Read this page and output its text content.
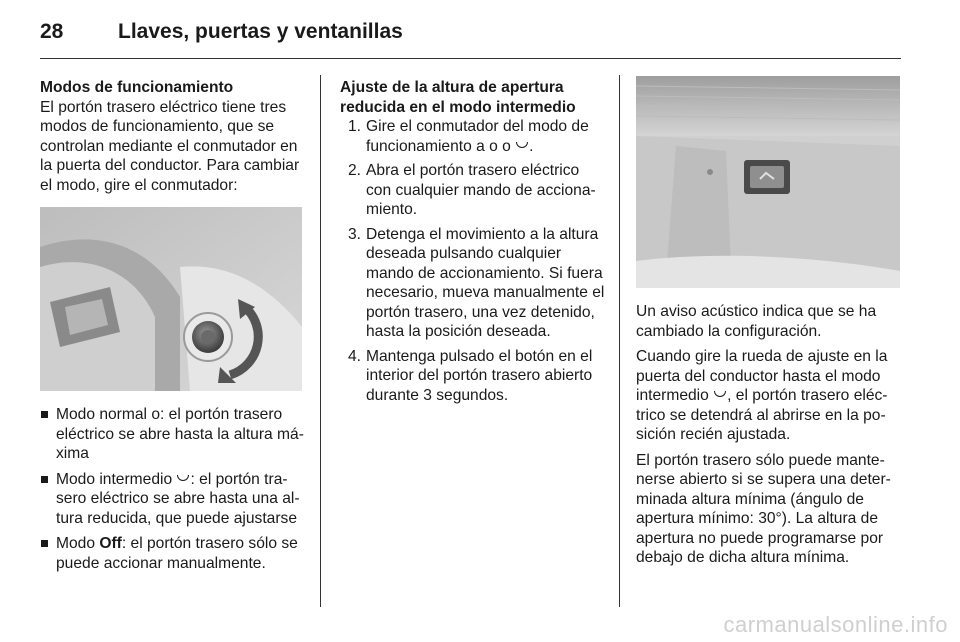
28	Llaves, puertas y ventanillas

Modos de funcionamiento

El portón trasero eléctrico tiene tres modos de funcionamiento, que se controlan mediante el conmutador en la puerta del conductor. Para cambiar el modo, gire el conmutador:

Modo normal o: el portón trasero eléctrico se abre hasta la altura máxima
Modo intermedio : el portón trasero eléctrico se abre hasta una altura reducida, que puede ajustarse
Modo Off: el portón trasero sólo se puede accionar manualmente.

Ajuste de la altura de apertura reducida en el modo intermedio

1. Gire el conmutador del modo de funcionamiento a o o .
2. Abra el portón trasero eléctrico con cualquier mando de accionamiento.
3. Detenga el movimiento a la altura deseada pulsando cualquier mando de accionamiento. Si fuera necesario, mueva manualmente el portón trasero, una vez detenido, hasta la posición deseada.
4. Mantenga pulsado el botón en el interior del portón trasero abierto durante 3 segundos.

Un aviso acústico indica que se ha cambiado la configuración.

Cuando gire la rueda de ajuste en la puerta del conductor hasta el modo intermedio , el portón trasero eléctrico se detendrá al abrirse en la posición recién ajustada.

El portón trasero sólo puede mantenerse abierto si se supera una determinada altura mínima (ángulo de apertura mínimo: 30°). La altura de apertura no puede programarse por debajo de dicha altura mínima.

carmanualsonline.info
